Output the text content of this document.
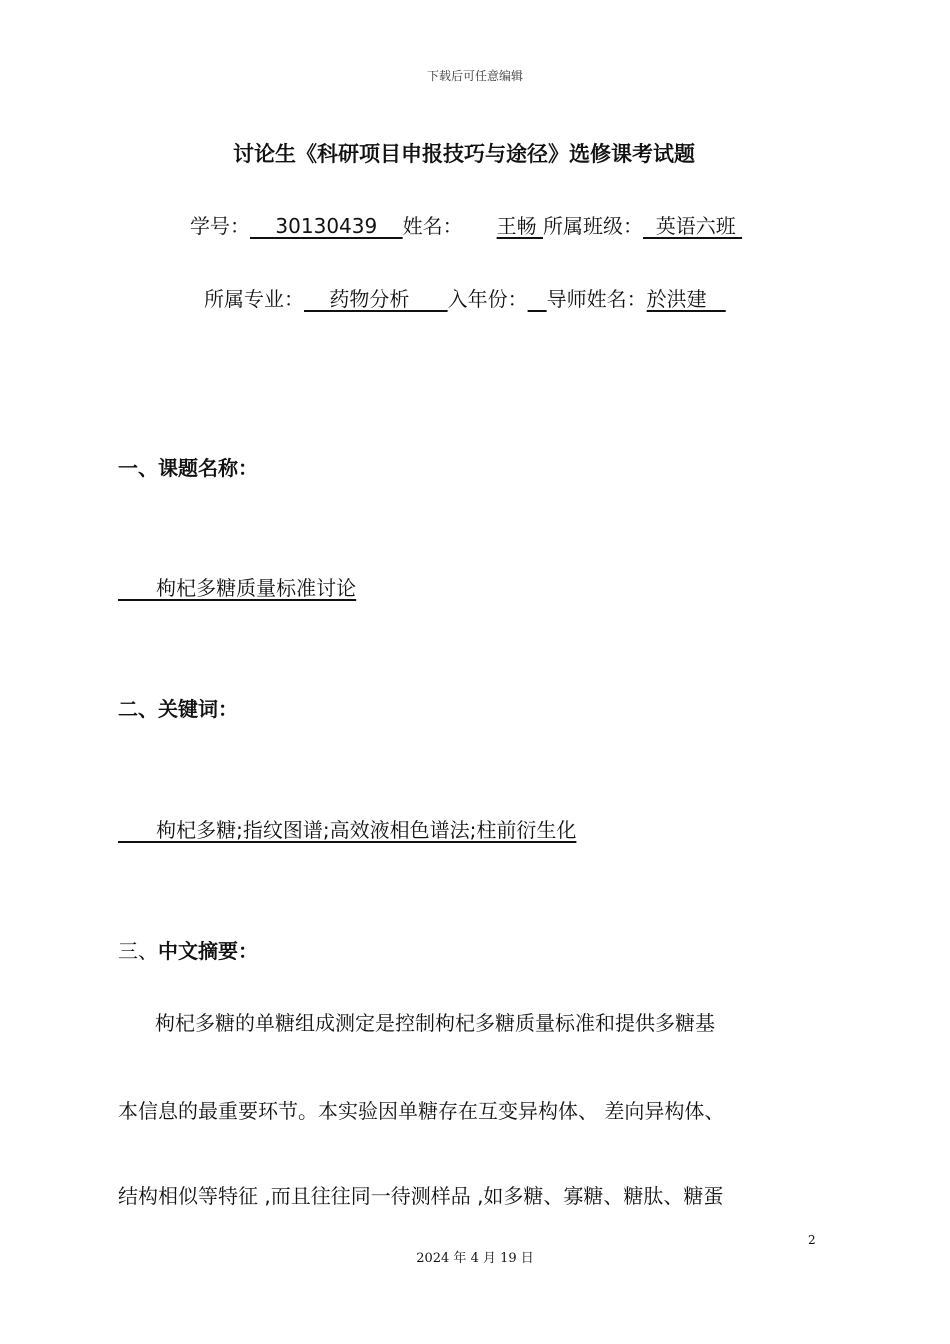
下载后可任意编辑
讨论生《科研项目申报技巧与途径》选修课考试题
学号：    30130439    姓名： 王畅 所属班级：  英语六班
所属专业：    药物分析      入年份： 导师姓名：於洪建
一、课题名称：
枸杞多糖质量标准讨论
二、关键词：
枸杞多糖;指纹图谱;高效液相色谱法;柱前衍生化
三、中文摘要：
枸杞多糖的单糖组成测定是控制枸杞多糖质量标准和提供多糖基
本信息的最重要环节。本实验因单糖存在互变异构体、 差向异构体、
结构相似等特征 ,而且往往同一待测样品 ,如多糖、寡糖、糖肽、糖蛋
2
2024 年 4 月 19 日
